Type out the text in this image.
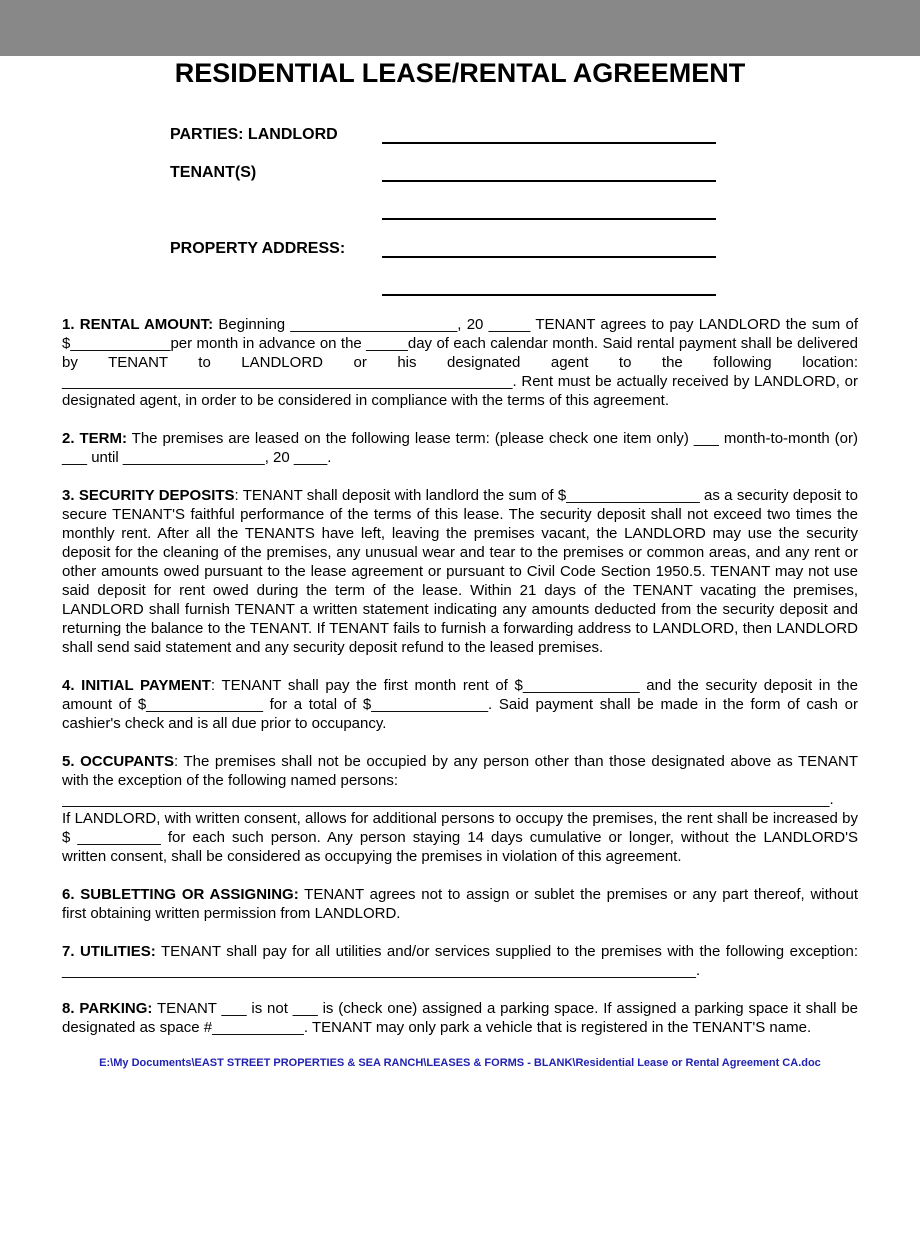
RESIDENTIAL LEASE/RENTAL AGREEMENT
PARTIES: LANDLORD
TENANT(S)
PROPERTY ADDRESS:

1. RENTAL AMOUNT: Beginning ____________________, 20 _____ TENANT agrees to pay LANDLORD the sum of $____________per month in advance on the _____day of each calendar month. Said rental payment shall be delivered by TENANT to LANDLORD or his designated agent to the following location: ______________________________________________________. Rent must be actually received by LANDLORD, or designated agent, in order to be considered in compliance with the terms of this agreement.

2. TERM: The premises are leased on the following lease term: (please check one item only) ___ month-to-month (or) ___ until _________________, 20 ____.

3. SECURITY DEPOSITS: TENANT shall deposit with landlord the sum of $________________ as a security deposit to secure TENANT'S faithful performance of the terms of this lease. The security deposit shall not exceed two times the monthly rent. After all the TENANTS have left, leaving the premises vacant, the LANDLORD may use the security deposit for the cleaning of the premises, any unusual wear and tear to the premises or common areas, and any rent or other amounts owed pursuant to the lease agreement or pursuant to Civil Code Section 1950.5. TENANT may not use said deposit for rent owed during the term of the lease. Within 21 days of the TENANT vacating the premises, LANDLORD shall furnish TENANT a written statement indicating any amounts deducted from the security deposit and returning the balance to the TENANT. If TENANT fails to furnish a forwarding address to LANDLORD, then LANDLORD shall send said statement and any security deposit refund to the leased premises.

4. INITIAL PAYMENT: TENANT shall pay the first month rent of $______________ and the security deposit in the amount of $______________ for a total of $______________. Said payment shall be made in the form of cash or cashier's check and is all due prior to occupancy.

5. OCCUPANTS: The premises shall not be occupied by any person other than those designated above as TENANT with the exception of the following named persons:
____________________________________________________________________________________________.
If LANDLORD, with written consent, allows for additional persons to occupy the premises, the rent shall be increased by $ __________ for each such person. Any person staying 14 days cumulative or longer, without the LANDLORD'S written consent, shall be considered as occupying the premises in violation of this agreement.

6. SUBLETTING OR ASSIGNING: TENANT agrees not to assign or sublet the premises or any part thereof, without first obtaining written permission from LANDLORD.

7. UTILITIES: TENANT shall pay for all utilities and/or services supplied to the premises with the following exception: ____________________________________________________________________________.

8. PARKING: TENANT ___ is not ___ is (check one) assigned a parking space. If assigned a parking space it shall be designated as space #___________. TENANT may only park a vehicle that is registered in the TENANT'S name.

E:\My Documents\EAST STREET PROPERTIES & SEA RANCH\LEASES & FORMS - BLANK\Residential Lease or Rental Agreement CA.doc
